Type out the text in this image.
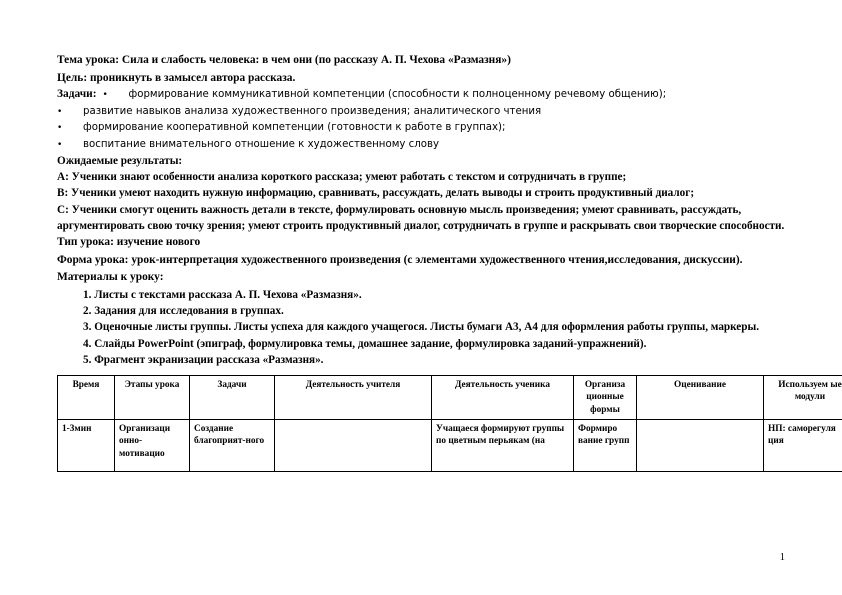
Тема урока: Сила и слабость человека: в чем они (по рассказу А. П. Чехова «Размазня»)
Цель: проникнуть в замысел автора рассказа.
Задачи: •	формирование коммуникативной компетенции (способности к полноценному речевому общению);
•	развитие навыков анализа художественного произведения; аналитического чтения
•	формирование кооперативной компетенции (готовности к работе в группах);
•	воспитание внимательного отношение к художественному слову
Ожидаемые результаты:
А: Ученики знают особенности анализа короткого рассказа; умеют работать с текстом и сотрудничать в группе;
В: Ученики умеют находить нужную информацию, сравнивать, рассуждать, делать выводы и строить продуктивный диалог;
С: Ученики смогут оценить важность детали в тексте, формулировать основную мысль произведения; умеют сравнивать, рассуждать, аргументировать свою точку зрения; умеют строить продуктивный диалог, сотрудничать в группе и раскрывать свои творческие способности.
Тип урока: изучение нового
Форма урока: урок-интерпретация художественного произведения (с элементами художественного чтения,исследования, дискуссии).
Материалы к уроку:
1. Листы с текстами рассказа А. П. Чехова «Размазня».
2. Задания для исследования в группах.
3. Оценочные листы группы. Листы успеха для каждого учащегося. Листы бумаги А3, А4 для оформления работы группы, маркеры.
4. Слайды PowerPoint (эпиграф, формулировка темы, домашнее задание, формулировка заданий-упражнений).
5. Фрагмент экранизации рассказа «Размазня».
Время	Этапы урока	Задачи	Деятельность учителя	Деятельность ученика	Организа ционные формы	Оценивание	Используем ые модули
1-3мин	Организаци онно-мотивацио	Создание благоприят-ного		Учащаеся формируют группы по цветным перьякам (на	Формиро вание групп		НП: саморегуля ция
1
